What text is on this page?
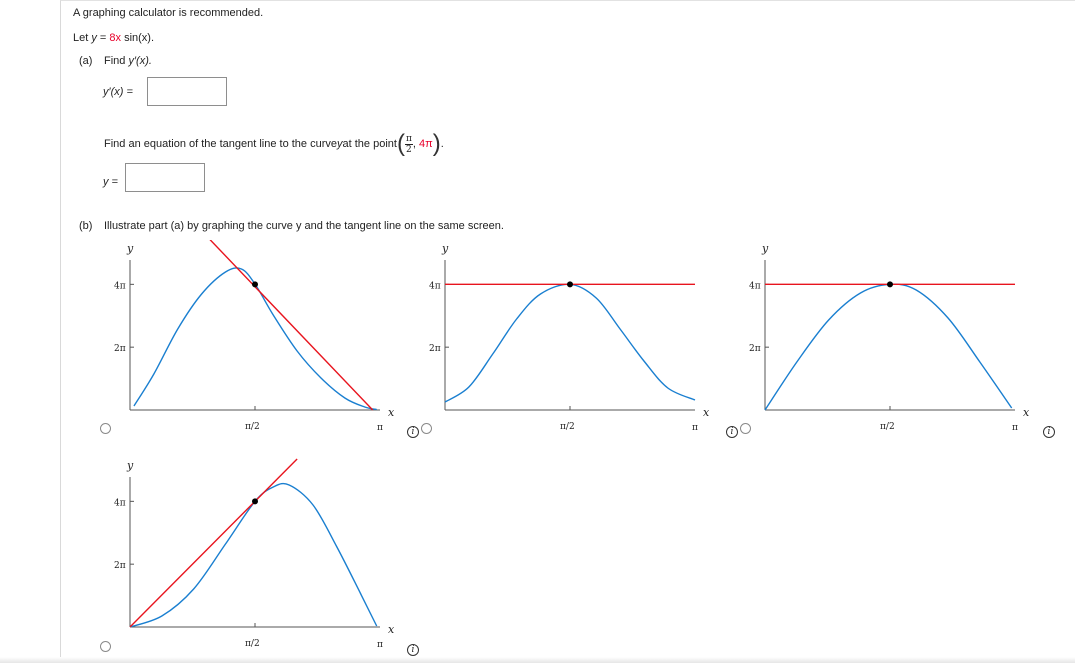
A graphing calculator is recommended.
Let y = 8x sin(x).
(a) Find y′(x).
y′(x) =
Find an equation of the tangent line to the curve y at the point ( $\frac{\pi}{2}$ , 4π ) .
y =
(b) Illustrate part (a) by graphing the curve y and the tangent line on the same screen.
i	i	i
i
x
y
4π
2π
π/2	π
x
y
4π
2π
π/2	π
x
y
4π
2π
π/2	π
x
y
4π
2π
π/2	π
